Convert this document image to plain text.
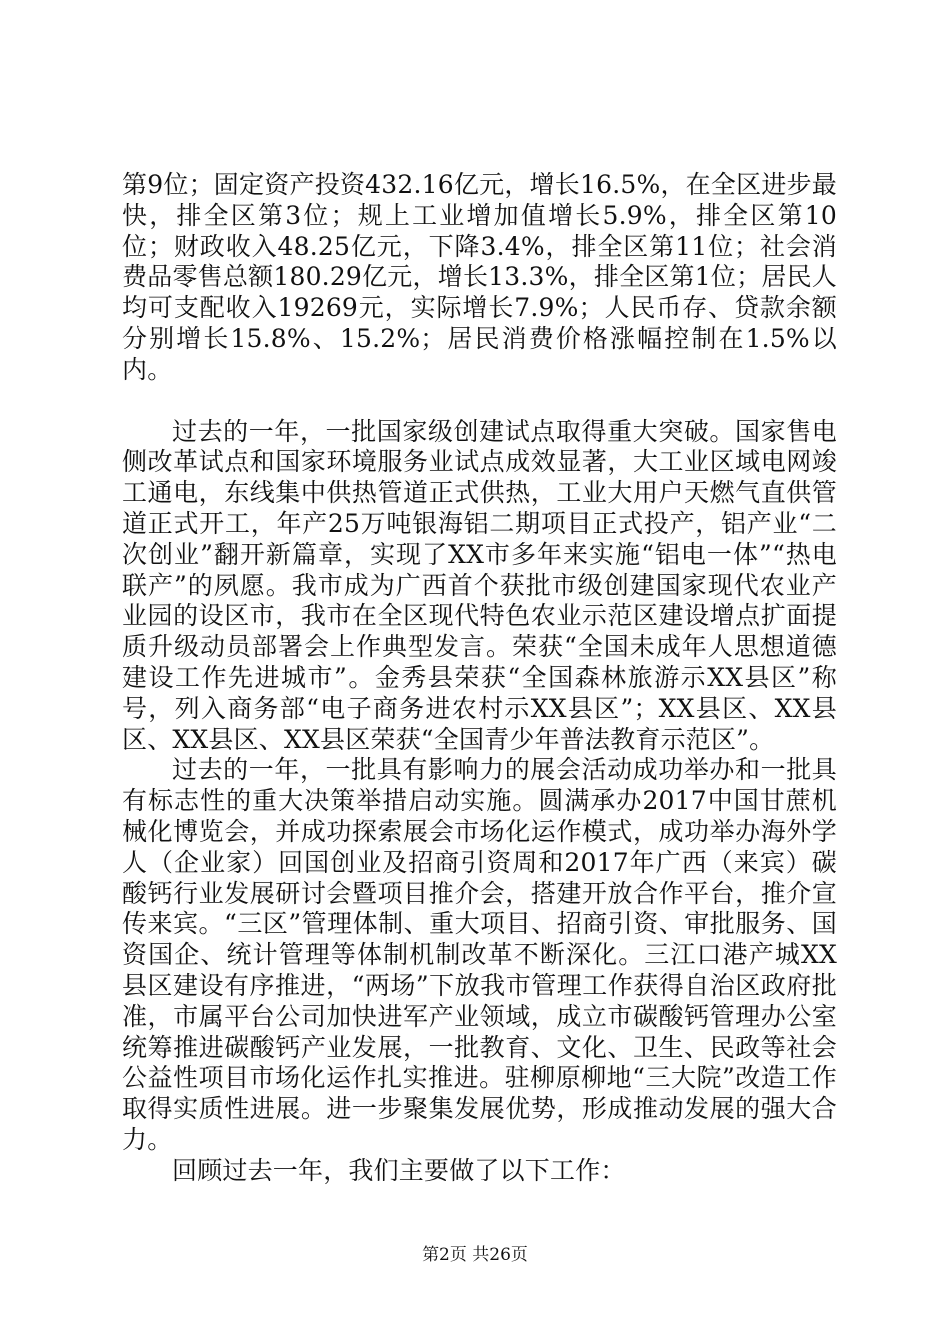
第9位；固定资产投资432.16亿元，增长16.5%，在全区进步最快，排全区第3位；规上工业增加值增长5.9%，排全区第10位；财政收入48.25亿元，下降3.4%，排全区第11位；社会消费品零售总额180.29亿元，增长13.3%，排全区第1位；居民人均可支配收入19269元，实际增长7.9%；人民币存、贷款余额分别增长15.8%、15.2%；居民消费价格涨幅控制在1.5%以内。

过去的一年，一批国家级创建试点取得重大突破。国家售电侧改革试点和国家环境服务业试点成效显著，大工业区域电网竣工通电，东线集中供热管道正式供热，工业大用户天燃气直供管道正式开工，年产25万吨银海铝二期项目正式投产，铝产业“二次创业”翻开新篇章，实现了XX市多年来实施“铝电一体”“热电联产”的夙愿。我市成为广西首个获批市级创建国家现代农业产业园的设区市，我市在全区现代特色农业示范区建设增点扩面提质升级动员部署会上作典型发言。荣获“全国未成年人思想道德建设工作先进城市”。金秀县荣获“全国森林旅游示XX县区”称号，列入商务部“电子商务进农村示XX县区”；XX县区、XX县区、XX县区、XX县区荣获“全国青少年普法教育示范区”。

过去的一年，一批具有影响力的展会活动成功举办和一批具有标志性的重大决策举措启动实施。圆满承办2017中国甘蔗机械化博览会，并成功探索展会市场化运作模式，成功举办海外学人（企业家）回国创业及招商引资周和2017年广西（来宾）碳酸钙行业发展研讨会暨项目推介会，搭建开放合作平台，推介宣传来宾。“三区”管理体制、重大项目、招商引资、审批服务、国资国企、统计管理等体制机制改革不断深化。三江口港产城XX县区建设有序推进，“两场”下放我市管理工作获得自治区政府批准，市属平台公司加快进军产业领域，成立市碳酸钙管理办公室统筹推进碳酸钙产业发展，一批教育、文化、卫生、民政等社会公益性项目市场化运作扎实推进。驻柳原柳地“三大院”改造工作取得实质性进展。进一步聚集发展优势，形成推动发展的强大合力。

回顾过去一年，我们主要做了以下工作：

第2页 共26页
